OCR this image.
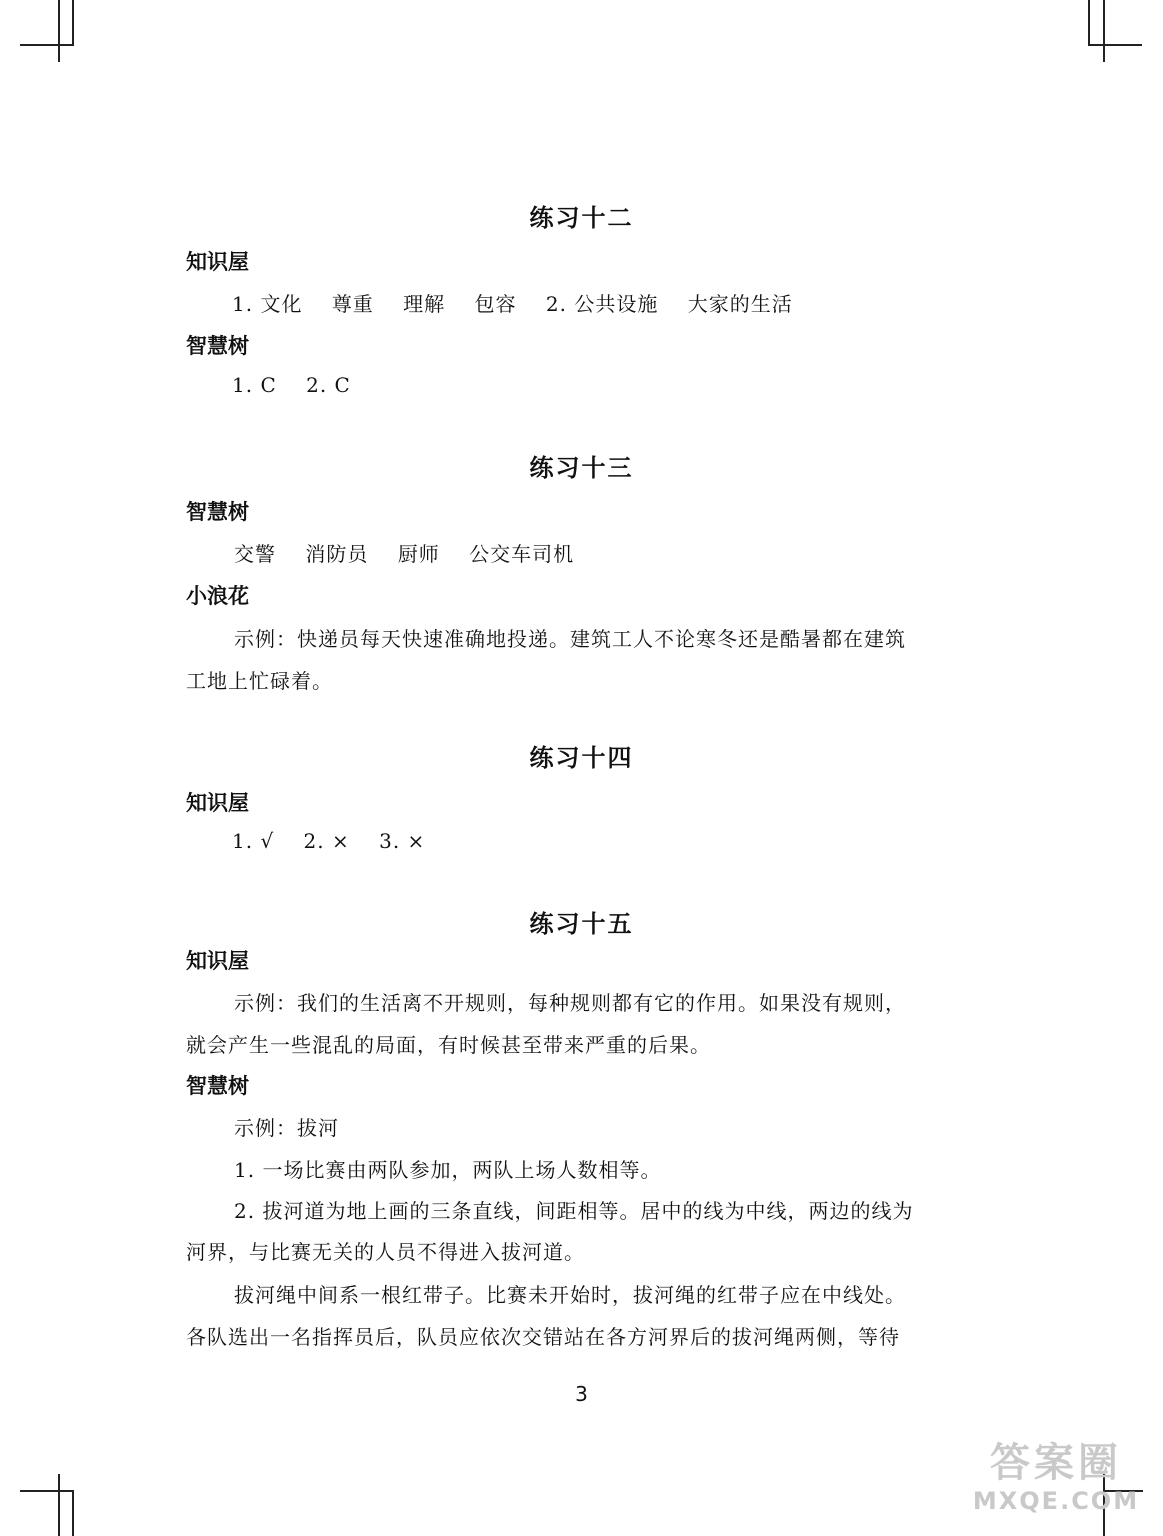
练习十二
知识屋
1. 文化 尊重 理解 包容 2. 公共设施 大家的生活
智慧树
1. C 2. C
练习十三
智慧树
交警 消防员 厨师 公交车司机
小浪花
示例：快递员每天快速准确地投递。建筑工人不论寒冬还是酷暑都在建筑
工地上忙碌着。
练习十四
知识屋
1. √ 2. × 3. ×
练习十五
知识屋
示例：我们的生活离不开规则，每种规则都有它的作用。如果没有规则，
就会产生一些混乱的局面，有时候甚至带来严重的后果。
智慧树
示例：拔河
1. 一场比赛由两队参加，两队上场人数相等。
2. 拔河道为地上画的三条直线，间距相等。居中的线为中线，两边的线为
河界，与比赛无关的人员不得进入拔河道。
拔河绳中间系一根红带子。比赛未开始时，拔河绳的红带子应在中线处。
各队选出一名指挥员后，队员应依次交错站在各方河界后的拔河绳两侧，等待
3
答案圈
MXQE.COM
